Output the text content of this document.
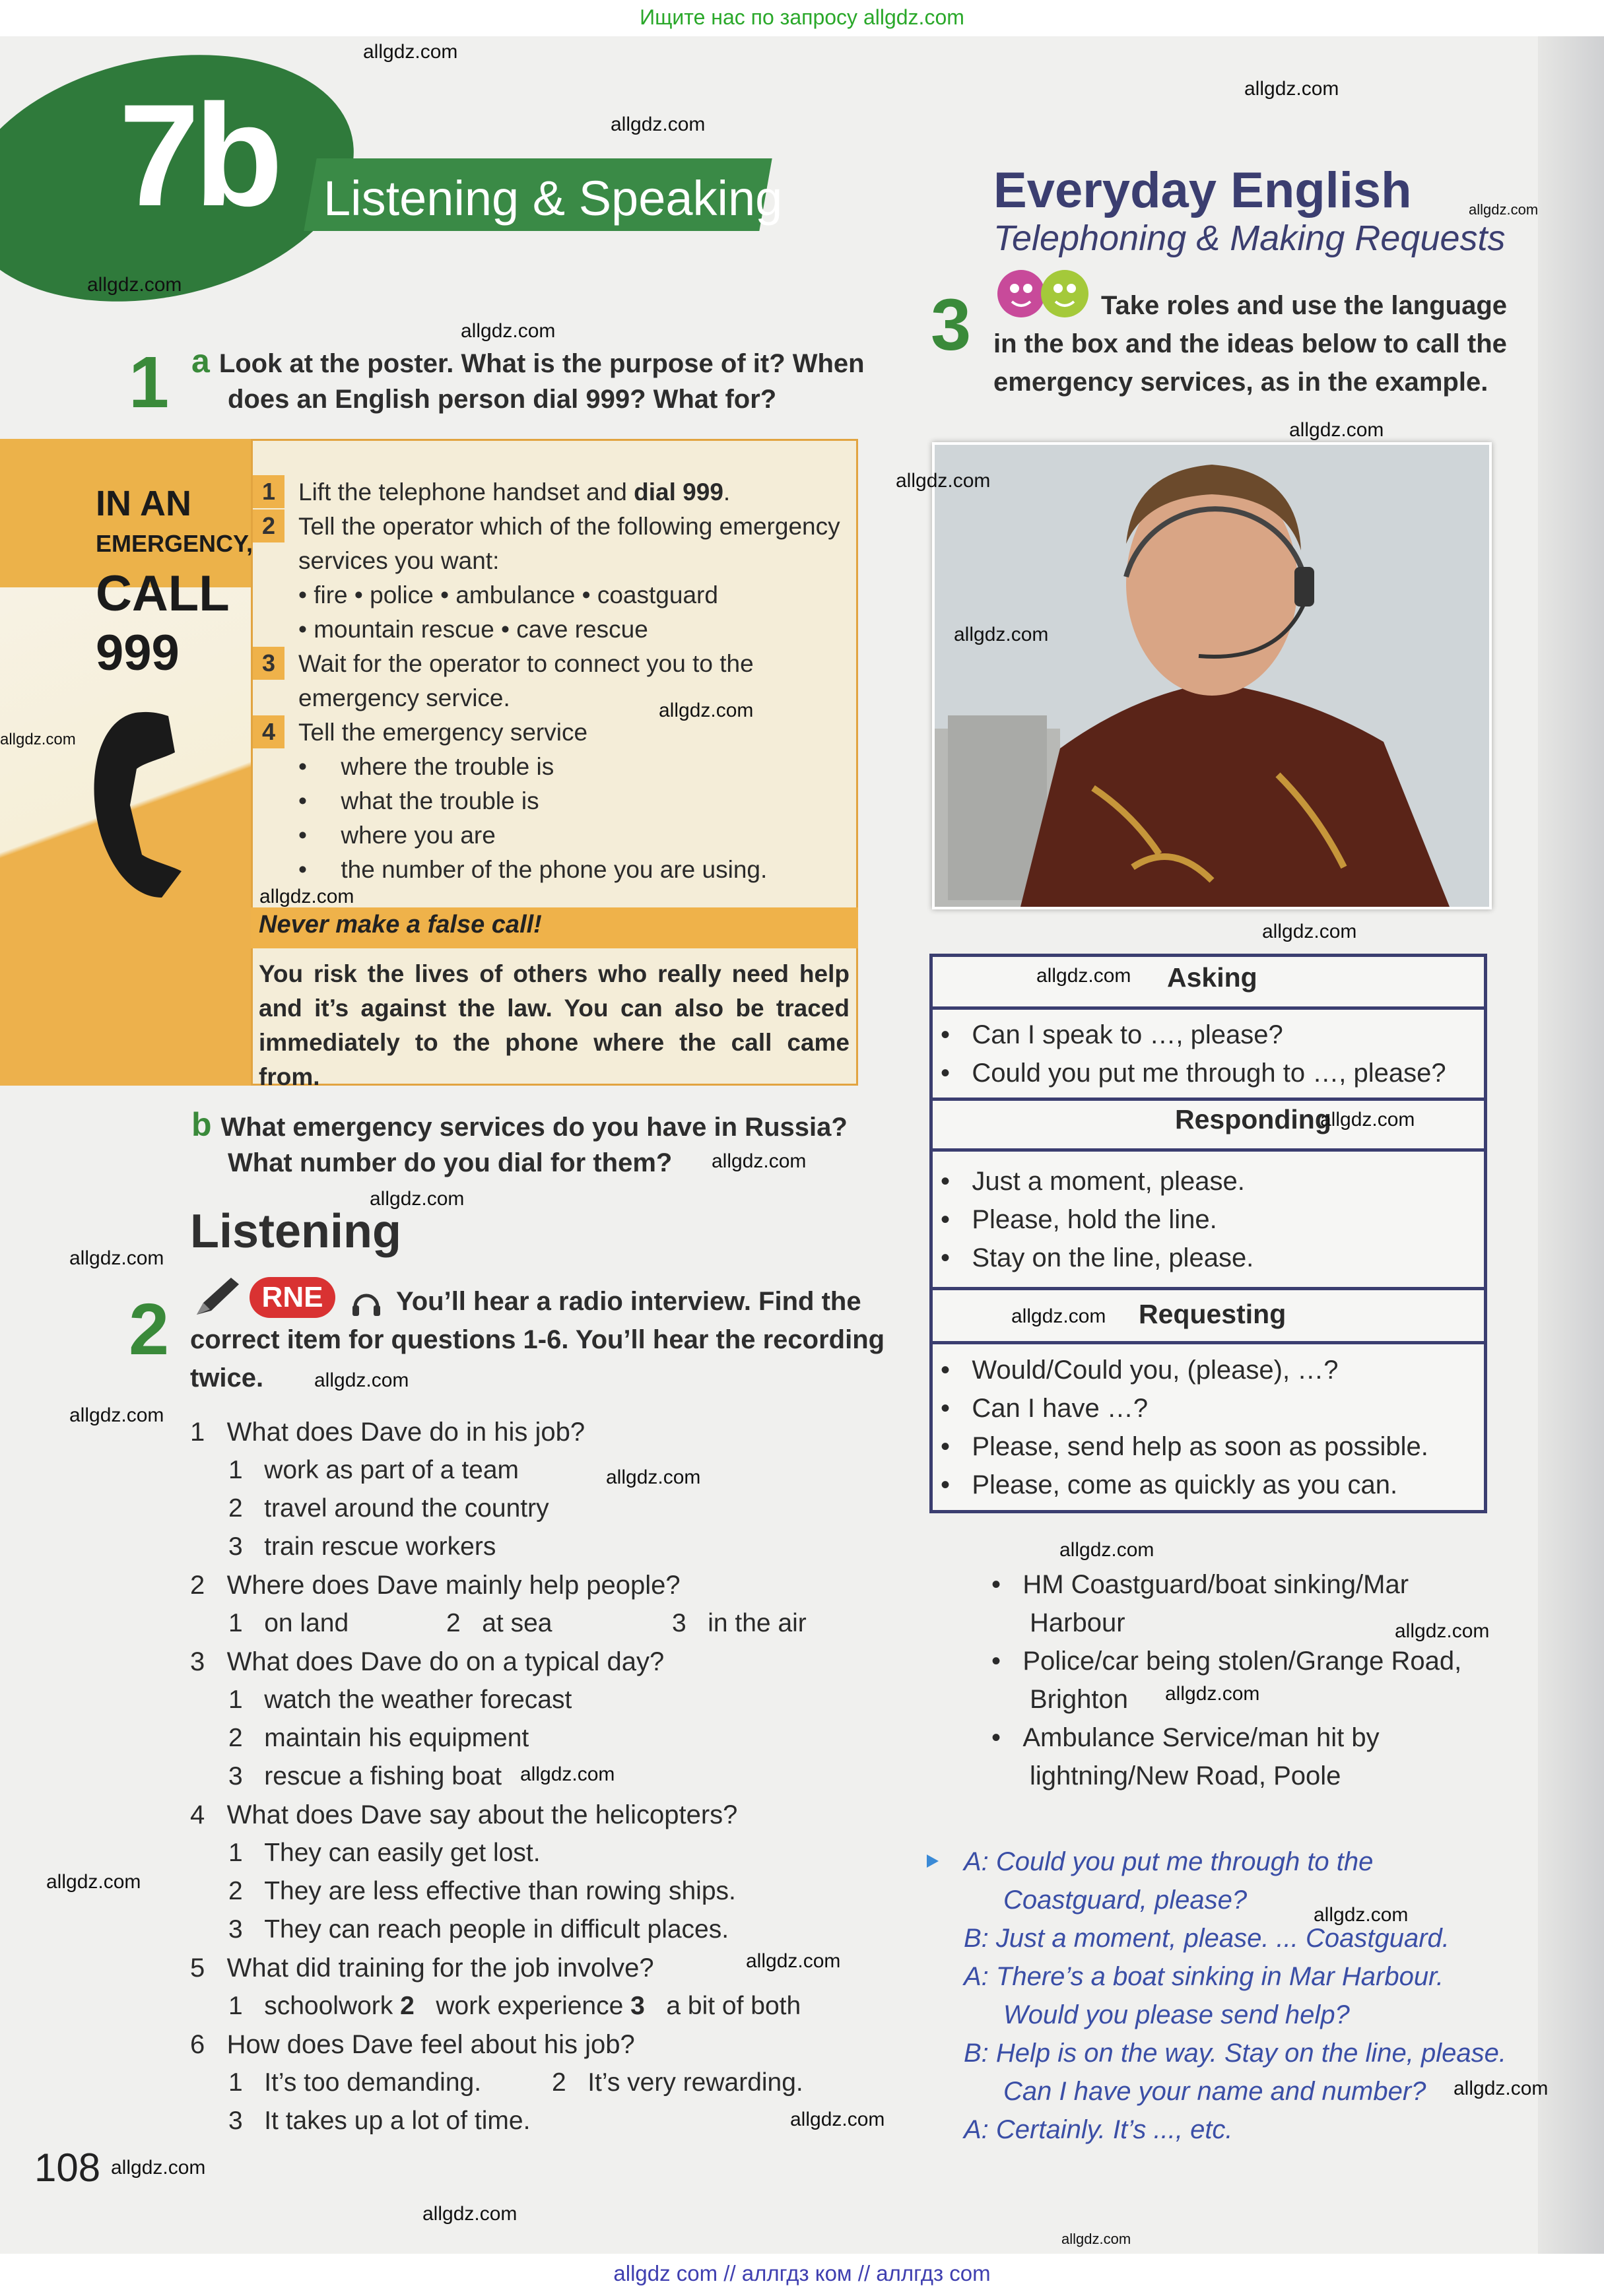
Ищите нас по запросу allgdz.com
7b Listening & Speaking
1 a Look at the poster. What is the purpose of it? When
does an English person dial 999? What for?
IN AN
EMERGENCY,
CALL
999
1 Lift the telephone handset and dial 999.
2 Tell the operator which of the following emergency
services you want:
• fire • police • ambulance • coastguard
• mountain rescue • cave rescue
3 Wait for the operator to connect you to the
emergency service.
4 Tell the emergency service
•     where the trouble is
•     what the trouble is
•     where you are
•     the number of the phone you are using.
Never make a false call!
You risk the lives of others who really need help and it’s against the law. You can also be traced immediately to the phone where the call came from.
b What emergency services do you have in Russia?
What number do you dial for them?
Listening
2	RNE	You’ll hear a radio interview. Find the
correct item for questions 1-6. You’ll hear the recording
twice.
1   What does Dave do in his job?
1   work as part of a team
2   travel around the country
3   train rescue workers
2   Where does Dave mainly help people?
1   on land	2   at sea	3   in the air
3   What does Dave do on a typical day?
1   watch the weather forecast
2   maintain his equipment
3   rescue a fishing boat
4   What does Dave say about the helicopters?
1   They can easily get lost.
2   They are less effective than rowing ships.
3   They can reach people in difficult places.
5   What did training for the job involve?
1   schoolwork 2 work experience 3 a bit of both
6   How does Dave feel about his job?
1   It’s too demanding.	2   It’s very rewarding.
3   It takes up a lot of time.
108
Everyday English
Telephoning & Making Requests
3	Take roles and use the language
in the box and the ideas below to call the
emergency services, as in the example.
Asking
•   Can I speak to …, please?
•   Could you put me through to …, please?
Responding
•   Just a moment, please.
•   Please, hold the line.
•   Stay on the line, please.
Requesting
•   Would/Could you, (please), …?
•   Can I have …?
•   Please, send help as soon as possible.
•   Please, come as quickly as you can.
•   HM Coastguard/boat sinking/Mar
Harbour
•   Police/car being stolen/Grange Road,
Brighton
•   Ambulance Service/man hit by
lightning/New Road, Poole
A: Could you put me through to the
Coastguard, please?
B: Just a moment, please. ... Coastguard.
A: There’s a boat sinking in Mar Harbour.
Would you please send help?
B: Help is on the way. Stay on the line, please.
Can I have your name and number?
A: Certainly. It’s ..., etc.
allgdz.com
allgdz.com
allgdz.com
allgdz.com
allgdz.com
allgdz.com
allgdz.com
allgdz.com
allgdz.com
allgdz.com
allgdz.com
allgdz.com
allgdz.com
allgdz.com
allgdz.com
allgdz.com
allgdz.com
allgdz.com
allgdz.com
allgdz.com
allgdz.com
allgdz.com
allgdz.com
allgdz.com
allgdz.com
allgdz.com
allgdz.com
allgdz.com
allgdz.com
allgdz.com
allgdz.com
allgdz.com
allgdz.com
allgdz.com
allgdz com // аллгдз ком // аллгдз com
